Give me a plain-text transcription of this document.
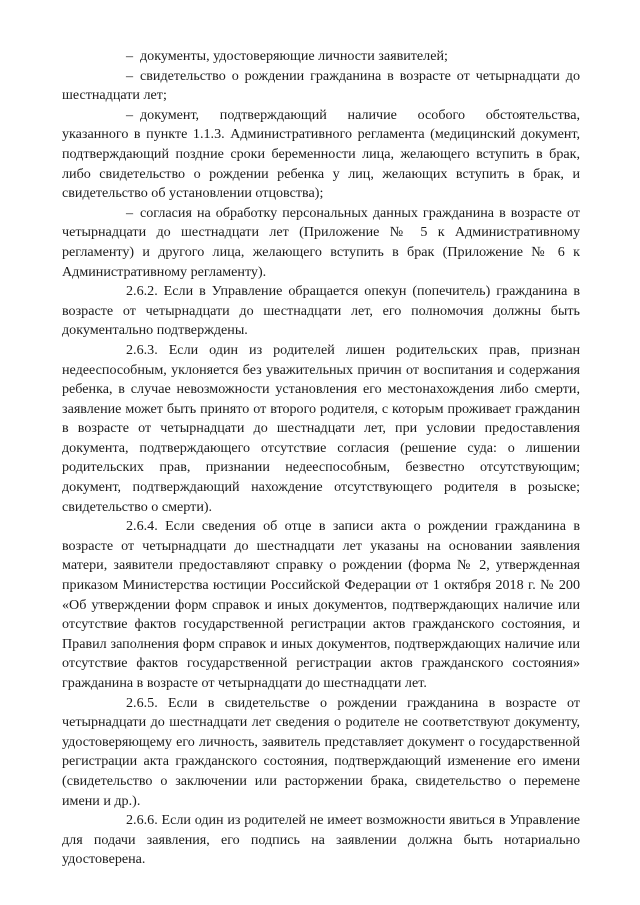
– документы, удостоверяющие личности заявителей;

– свидетельство о рождении гражданина в возрасте от четырнадцати до шестнадцати лет;

– документ, подтверждающий наличие особого обстоятельства, указанного в пункте 1.1.3. Административного регламента (медицинский документ, подтверждающий поздние сроки беременности лица, желающего вступить в брак, либо свидетельство о рождении ребенка у лиц, желающих вступить в брак, и свидетельство об установлении отцовства);

– согласия на обработку персональных данных гражданина в возрасте от четырнадцати до шестнадцати лет (Приложение № 5 к Административному регламенту) и другого лица, желающего вступить в брак (Приложение № 6 к Административному регламенту).

2.6.2. Если в Управление обращается опекун (попечитель) гражданина в возрасте от четырнадцати до шестнадцати лет, его полномочия должны быть документально подтверждены.

2.6.3. Если один из родителей лишен родительских прав, признан недееспособным, уклоняется без уважительных причин от воспитания и содержания ребенка, в случае невозможности установления его местонахождения либо смерти, заявление может быть принято от второго родителя, с которым проживает гражданин в возрасте от четырнадцати до шестнадцати лет, при условии предоставления документа, подтверждающего отсутствие согласия (решение суда: о лишении родительских прав, признании недееспособным, безвестно отсутствующим; документ, подтверждающий нахождение отсутствующего родителя в розыске; свидетельство о смерти).

2.6.4. Если сведения об отце в записи акта о рождении гражданина в возрасте от четырнадцати до шестнадцати лет указаны на основании заявления матери, заявители предоставляют справку о рождении (форма № 2, утвержденная приказом Министерства юстиции Российской Федерации от 1 октября 2018 г. № 200 «Об утверждении форм справок и иных документов, подтверждающих наличие или отсутствие фактов государственной регистрации актов гражданского состояния, и Правил заполнения форм справок и иных документов, подтверждающих наличие или отсутствие фактов государственной регистрации актов гражданского состояния» гражданина в возрасте от четырнадцати до шестнадцати лет.

2.6.5. Если в свидетельстве о рождении гражданина в возрасте от четырнадцати до шестнадцати лет сведения о родителе не соответствуют документу, удостоверяющему его личность, заявитель представляет документ о государственной регистрации акта гражданского состояния, подтверждающий изменение его имени (свидетельство о заключении или расторжении брака, свидетельство о перемене имени и др.).

2.6.6. Если один из родителей не имеет возможности явиться в Управление для подачи заявления, его подпись на заявлении должна быть нотариально удостоверена.
